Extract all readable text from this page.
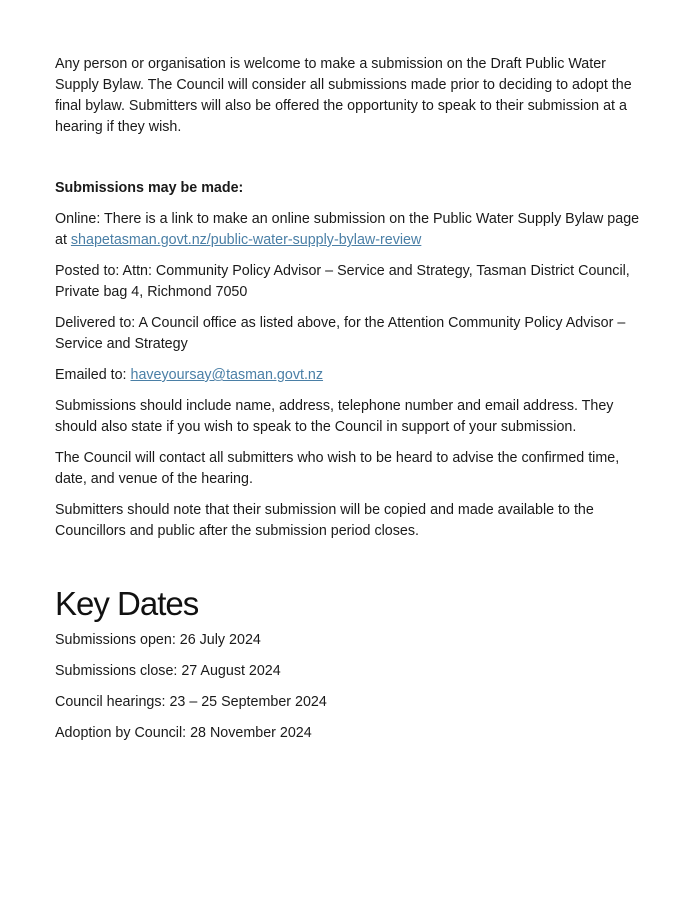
Any person or organisation is welcome to make a submission on the Draft Public Water Supply Bylaw. The Council will consider all submissions made prior to deciding to adopt the final bylaw. Submitters will also be offered the opportunity to speak to their submission at a hearing if they wish.

Submissions may be made:

Online: There is a link to make an online submission on the Public Water Supply Bylaw page at shapetasman.govt.nz/public-water-supply-bylaw-review

Posted to: Attn: Community Policy Advisor – Service and Strategy, Tasman District Council, Private bag 4, Richmond 7050

Delivered to: A Council office as listed above, for the Attention Community Policy Advisor – Service and Strategy

Emailed to: haveyoursay@tasman.govt.nz

Submissions should include name, address, telephone number and email address. They should also state if you wish to speak to the Council in support of your submission.

The Council will contact all submitters who wish to be heard to advise the confirmed time, date, and venue of the hearing.

Submitters should note that their submission will be copied and made available to the Councillors and public after the submission period closes.

Key Dates

Submissions open: 26 July 2024

Submissions close: 27 August 2024

Council hearings: 23 – 25 September 2024

Adoption by Council: 28 November 2024
